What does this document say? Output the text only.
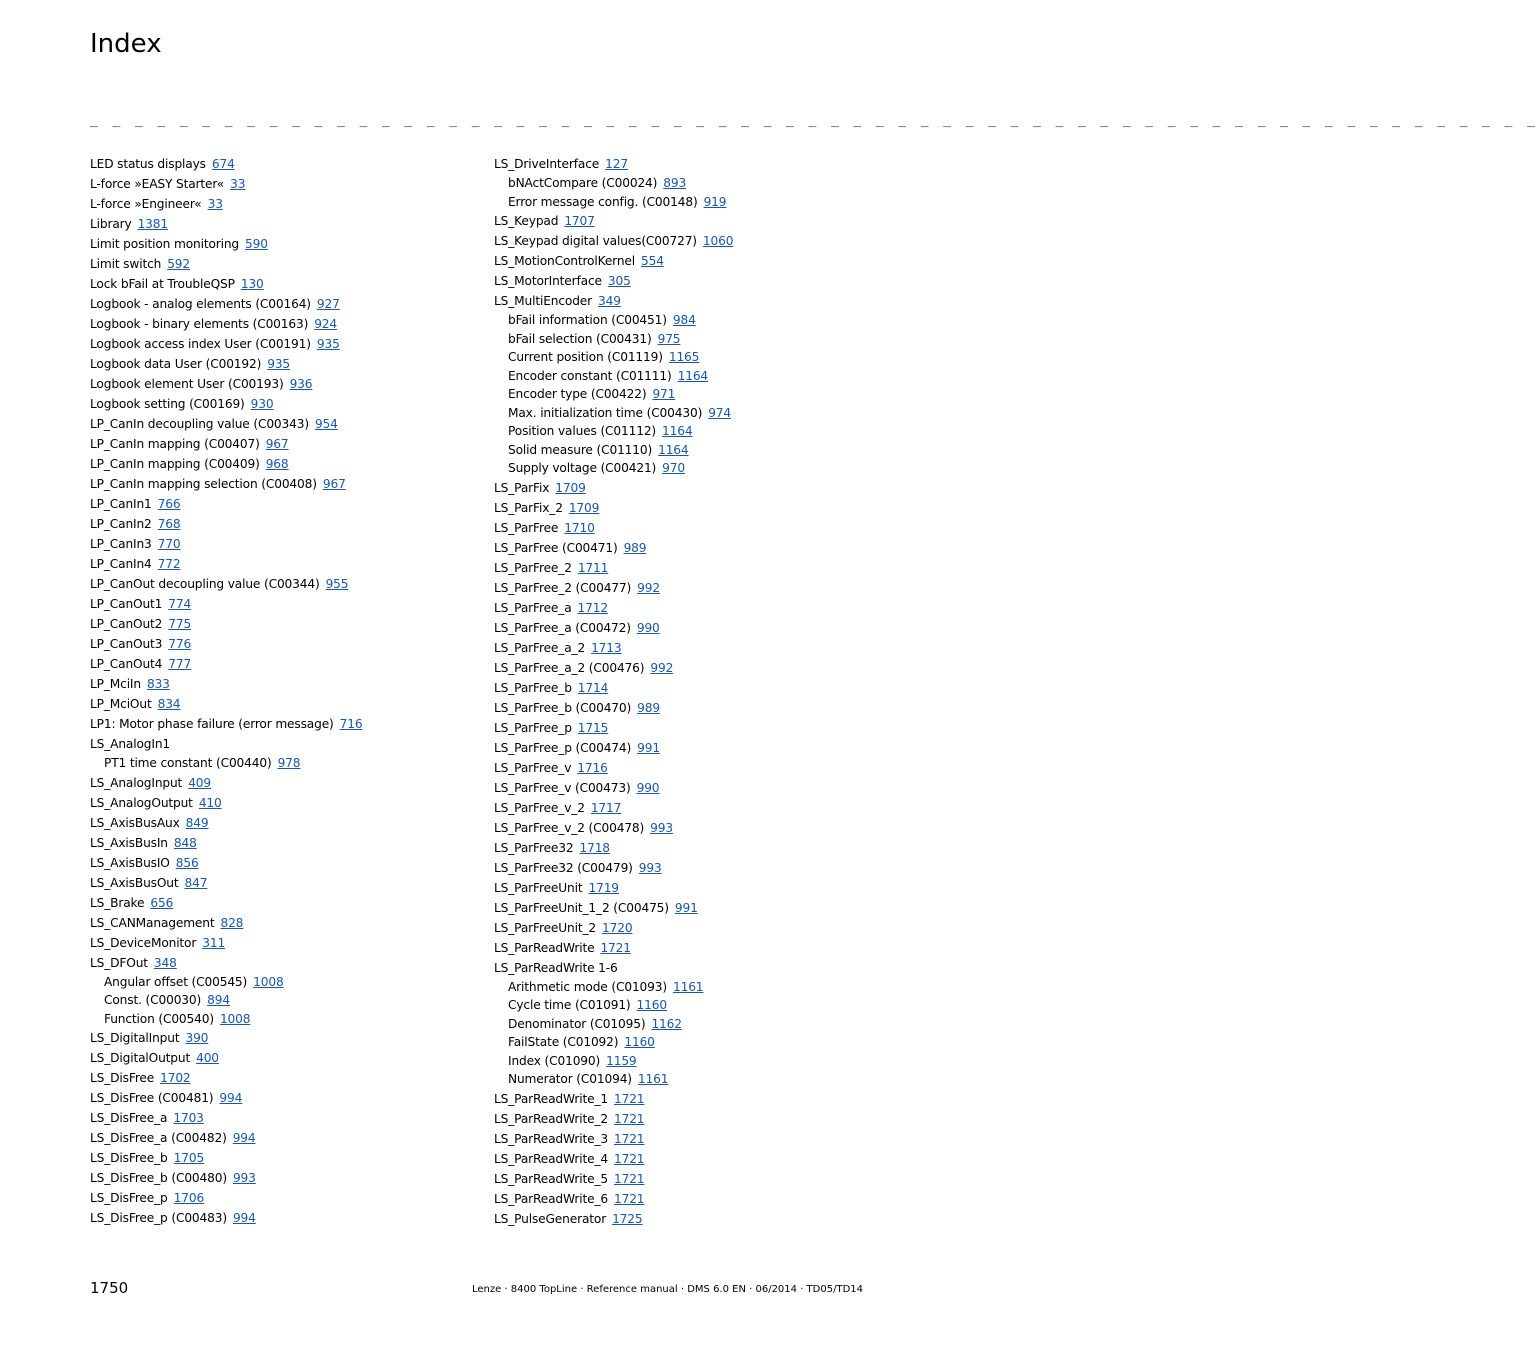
Index
_ _ _ _ _ _ _ _ _ _ _ _ _ _ _ _ _ _ _ _ _ _ _ _ _ _ _ _ _ _ _ _ _ _ _ _ _ _ _ _ _ _ _ _ _ _ _ _ _ _ _ _ _ _ _ _ _ _ _ _ _ _ _ _ _
LED status displays 674
L-force »EASY Starter« 33
L-force »Engineer« 33
Library 1381
Limit position monitoring 590
Limit switch 592
Lock bFail at TroubleQSP 130
Logbook - analog elements (C00164) 927
Logbook - binary elements (C00163) 924
Logbook access index User (C00191) 935
Logbook data User (C00192) 935
Logbook element User (C00193) 936
Logbook setting (C00169) 930
LP_CanIn decoupling value (C00343) 954
LP_CanIn mapping (C00407) 967
LP_CanIn mapping (C00409) 968
LP_CanIn mapping selection (C00408) 967
LP_CanIn1 766
LP_CanIn2 768
LP_CanIn3 770
LP_CanIn4 772
LP_CanOut decoupling value (C00344) 955
LP_CanOut1 774
LP_CanOut2 775
LP_CanOut3 776
LP_CanOut4 777
LP_MciIn 833
LP_MciOut 834
LP1: Motor phase failure (error message) 716
LS_AnalogIn1
PT1 time constant (C00440) 978
LS_AnalogInput 409
LS_AnalogOutput 410
LS_AxisBusAux 849
LS_AxisBusIn 848
LS_AxisBusIO 856
LS_AxisBusOut 847
LS_Brake 656
LS_CANManagement 828
LS_DeviceMonitor 311
LS_DFOut 348
Angular offset (C00545) 1008
Const. (C00030) 894
Function (C00540) 1008
LS_DigitalInput 390
LS_DigitalOutput 400
LS_DisFree 1702
LS_DisFree (C00481) 994
LS_DisFree_a 1703
LS_DisFree_a (C00482) 994
LS_DisFree_b 1705
LS_DisFree_b (C00480) 993
LS_DisFree_p 1706
LS_DisFree_p (C00483) 994
LS_DriveInterface 127
bNActCompare (C00024) 893
Error message config. (C00148) 919
LS_Keypad 1707
LS_Keypad digital values(C00727) 1060
LS_MotionControlKernel 554
LS_MotorInterface 305
LS_MultiEncoder 349
bFail information (C00451) 984
bFail selection (C00431) 975
Current position (C01119) 1165
Encoder constant (C01111) 1164
Encoder type (C00422) 971
Max. initialization time (C00430) 974
Position values (C01112) 1164
Solid measure (C01110) 1164
Supply voltage (C00421) 970
LS_ParFix 1709
LS_ParFix_2 1709
LS_ParFree 1710
LS_ParFree (C00471) 989
LS_ParFree_2 1711
LS_ParFree_2 (C00477) 992
LS_ParFree_a 1712
LS_ParFree_a (C00472) 990
LS_ParFree_a_2 1713
LS_ParFree_a_2 (C00476) 992
LS_ParFree_b 1714
LS_ParFree_b (C00470) 989
LS_ParFree_p 1715
LS_ParFree_p (C00474) 991
LS_ParFree_v 1716
LS_ParFree_v (C00473) 990
LS_ParFree_v_2 1717
LS_ParFree_v_2 (C00478) 993
LS_ParFree32 1718
LS_ParFree32 (C00479) 993
LS_ParFreeUnit 1719
LS_ParFreeUnit_1_2 (C00475) 991
LS_ParFreeUnit_2 1720
LS_ParReadWrite 1721
LS_ParReadWrite 1-6
Arithmetic mode (C01093) 1161
Cycle time (C01091) 1160
Denominator (C01095) 1162
FailState (C01092) 1160
Index (C01090) 1159
Numerator (C01094) 1161
LS_ParReadWrite_1 1721
LS_ParReadWrite_2 1721
LS_ParReadWrite_3 1721
LS_ParReadWrite_4 1721
LS_ParReadWrite_5 1721
LS_ParReadWrite_6 1721
LS_PulseGenerator 1725
1750	Lenze · 8400 TopLine · Reference manual · DMS 6.0 EN · 06/2014 · TD05/TD14
